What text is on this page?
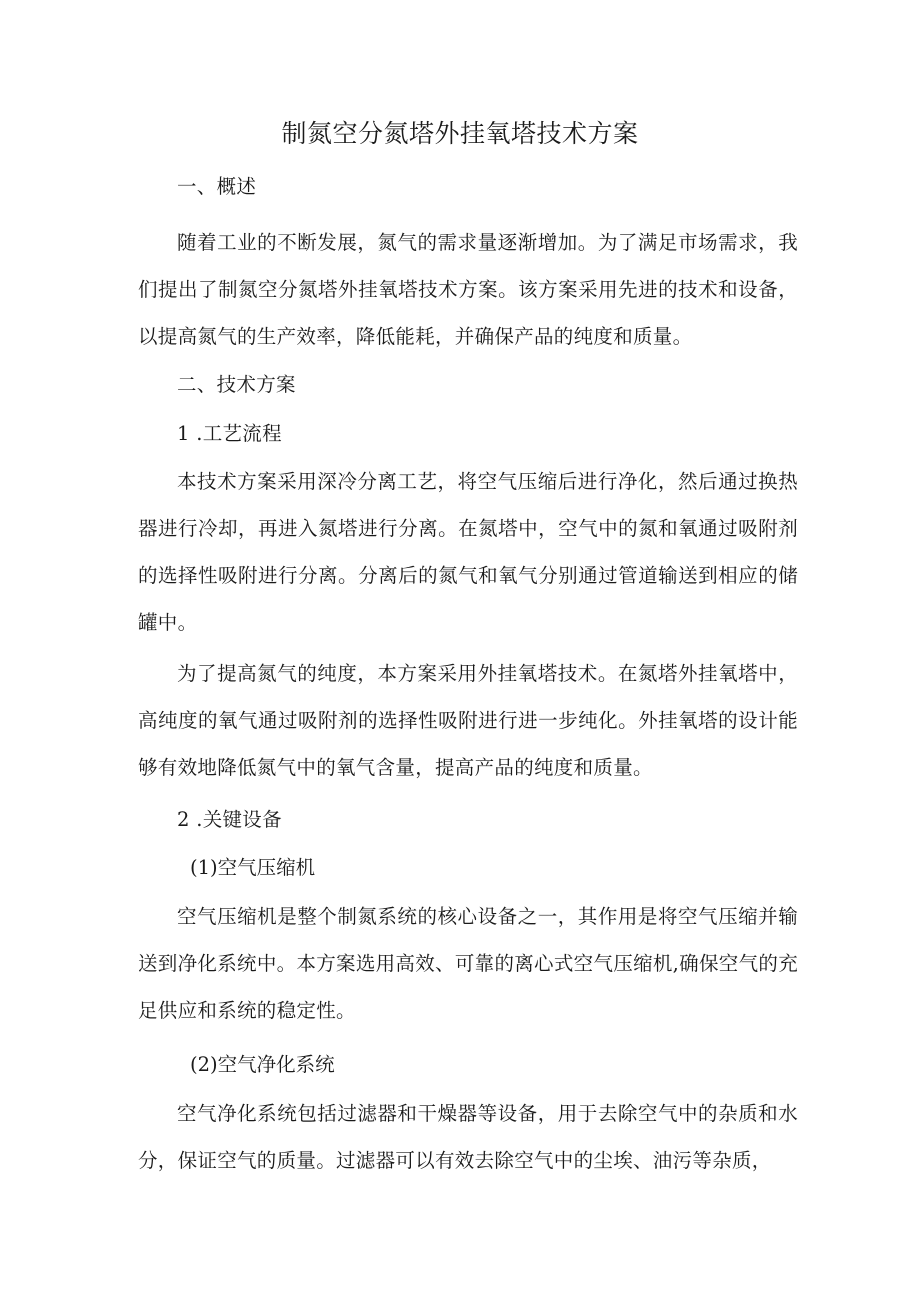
制氮空分氮塔外挂氧塔技术方案

一、概述

随着工业的不断发展，氮气的需求量逐渐增加。为了满足市场需求，我们提出了制氮空分氮塔外挂氧塔技术方案。该方案采用先进的技术和设备，以提高氮气的生产效率，降低能耗，并确保产品的纯度和质量。

二、技术方案

1 .工艺流程

本技术方案采用深冷分离工艺，将空气压缩后进行净化，然后通过换热器进行冷却，再进入氮塔进行分离。在氮塔中，空气中的氮和氧通过吸附剂的选择性吸附进行分离。分离后的氮气和氧气分别通过管道输送到相应的储罐中。

为了提高氮气的纯度，本方案采用外挂氧塔技术。在氮塔外挂氧塔中，高纯度的氧气通过吸附剂的选择性吸附进行进一步纯化。外挂氧塔的设计能够有效地降低氮气中的氧气含量，提高产品的纯度和质量。

2 .关键设备

(1)空气压缩机

空气压缩机是整个制氮系统的核心设备之一，其作用是将空气压缩并输送到净化系统中。本方案选用高效、可靠的离心式空气压缩机,确保空气的充足供应和系统的稳定性。

(2)空气净化系统

空气净化系统包括过滤器和干燥器等设备，用于去除空气中的杂质和水分，保证空气的质量。过滤器可以有效去除空气中的尘埃、油污等杂质，
